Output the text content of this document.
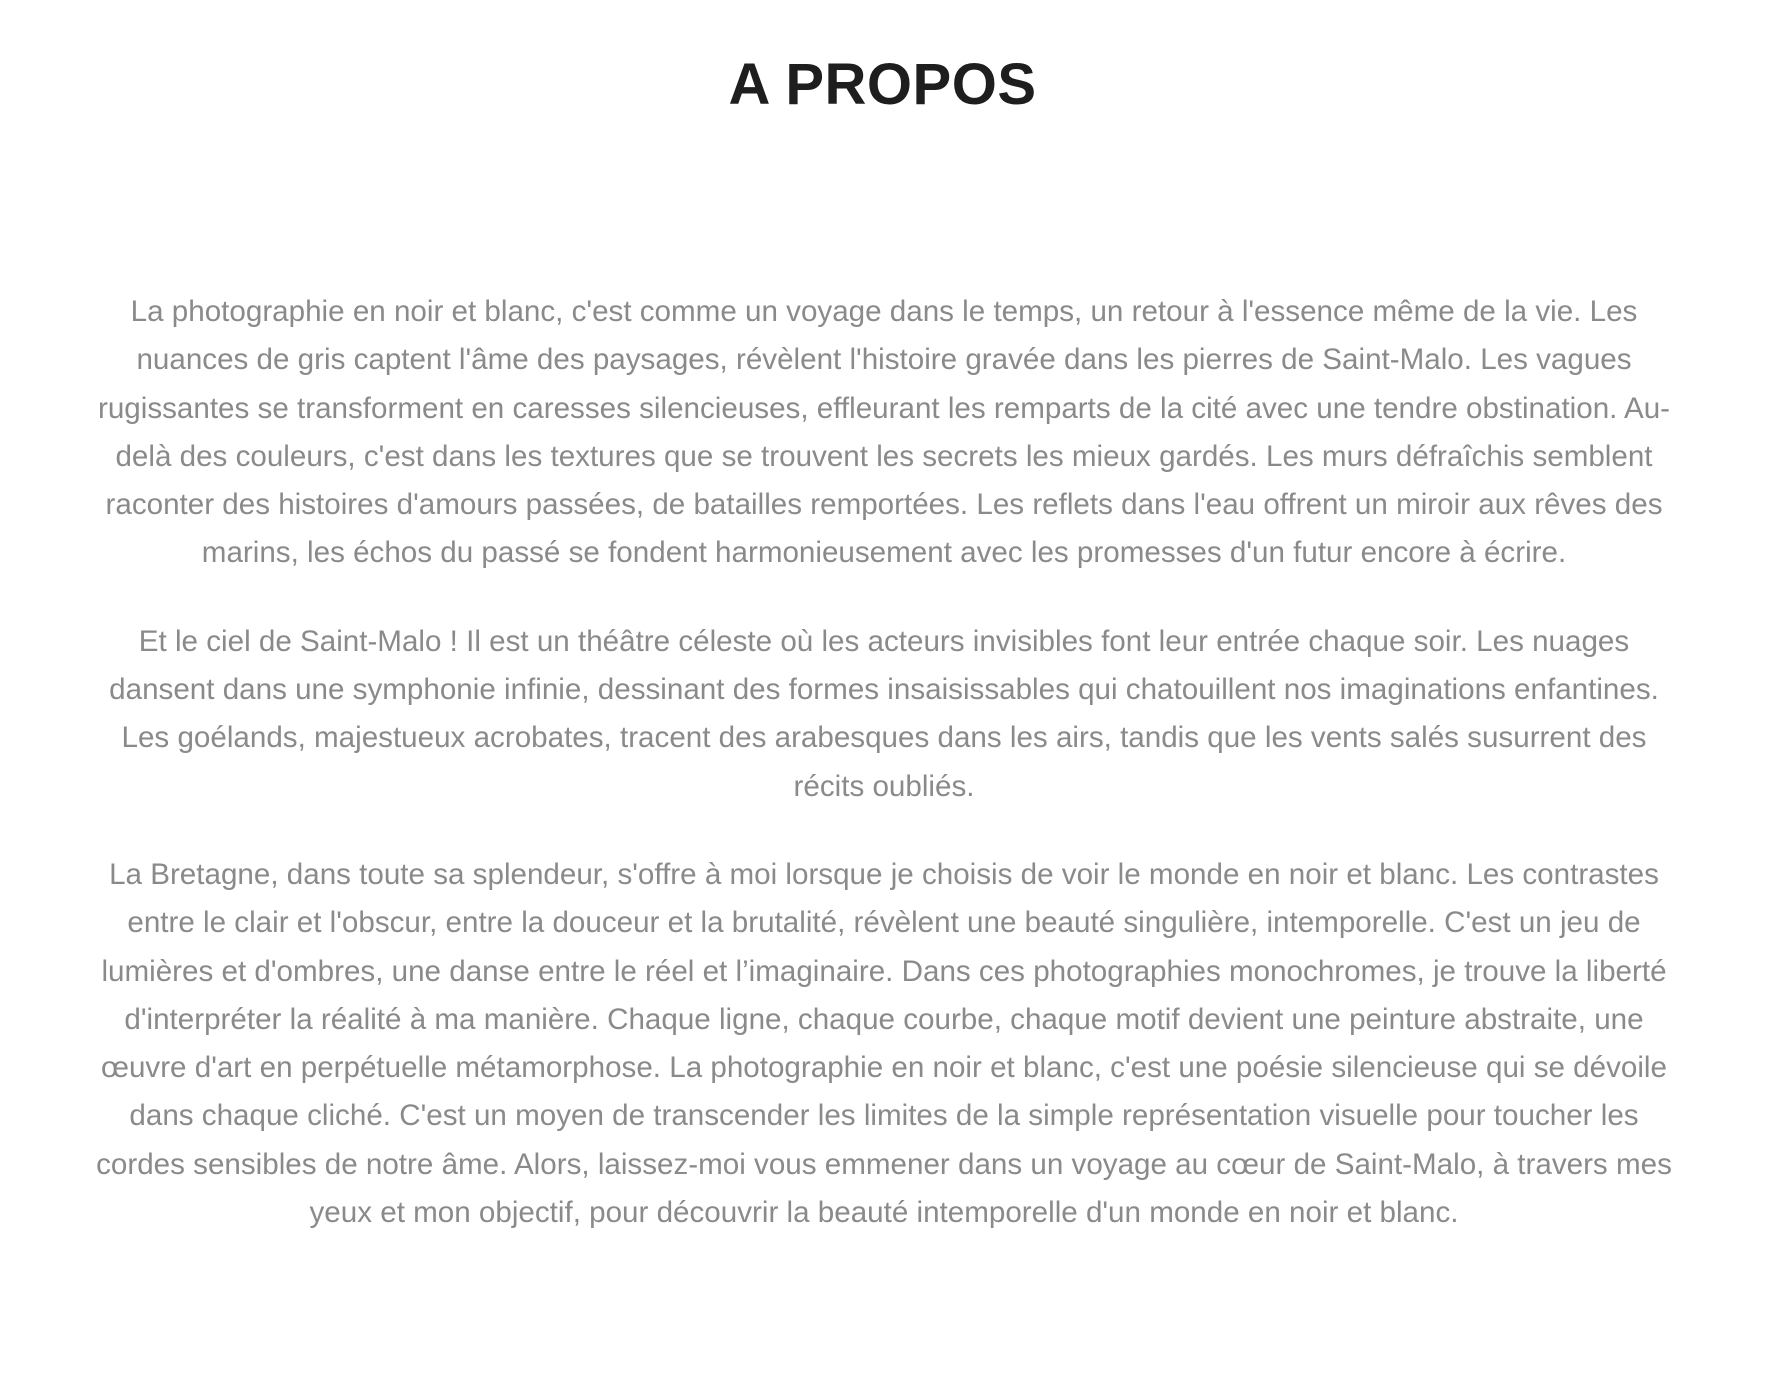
A PROPOS

La photographie en noir et blanc, c'est comme un voyage dans le temps, un retour à l'essence même de la vie. Les nuances de gris captent l'âme des paysages, révèlent l'histoire gravée dans les pierres de Saint-Malo. Les vagues rugissantes se transforment en caresses silencieuses, effleurant les remparts de la cité avec une tendre obstination. Au-delà des couleurs, c'est dans les textures que se trouvent les secrets les mieux gardés. Les murs défraîchis semblent raconter des histoires d'amours passées, de batailles remportées. Les reflets dans l'eau offrent un miroir aux rêves des marins, les échos du passé se fondent harmonieusement avec les promesses d'un futur encore à écrire.

Et le ciel de Saint-Malo ! Il est un théâtre céleste où les acteurs invisibles font leur entrée chaque soir. Les nuages dansent dans une symphonie infinie, dessinant des formes insaisissables qui chatouillent nos imaginations enfantines. Les goélands, majestueux acrobates, tracent des arabesques dans les airs, tandis que les vents salés susurrent des récits oubliés.

La Bretagne, dans toute sa splendeur, s'offre à moi lorsque je choisis de voir le monde en noir et blanc. Les contrastes entre le clair et l'obscur, entre la douceur et la brutalité, révèlent une beauté singulière, intemporelle. C'est un jeu de lumières et d'ombres, une danse entre le réel et l’imaginaire. Dans ces photographies monochromes, je trouve la liberté d'interpréter la réalité à ma manière. Chaque ligne, chaque courbe, chaque motif devient une peinture abstraite, une œuvre d'art en perpétuelle métamorphose. La photographie en noir et blanc, c'est une poésie silencieuse qui se dévoile dans chaque cliché. C'est un moyen de transcender les limites de la simple représentation visuelle pour toucher les cordes sensibles de notre âme. Alors, laissez-moi vous emmener dans un voyage au cœur de Saint-Malo, à travers mes yeux et mon objectif, pour découvrir la beauté intemporelle d'un monde en noir et blanc.
